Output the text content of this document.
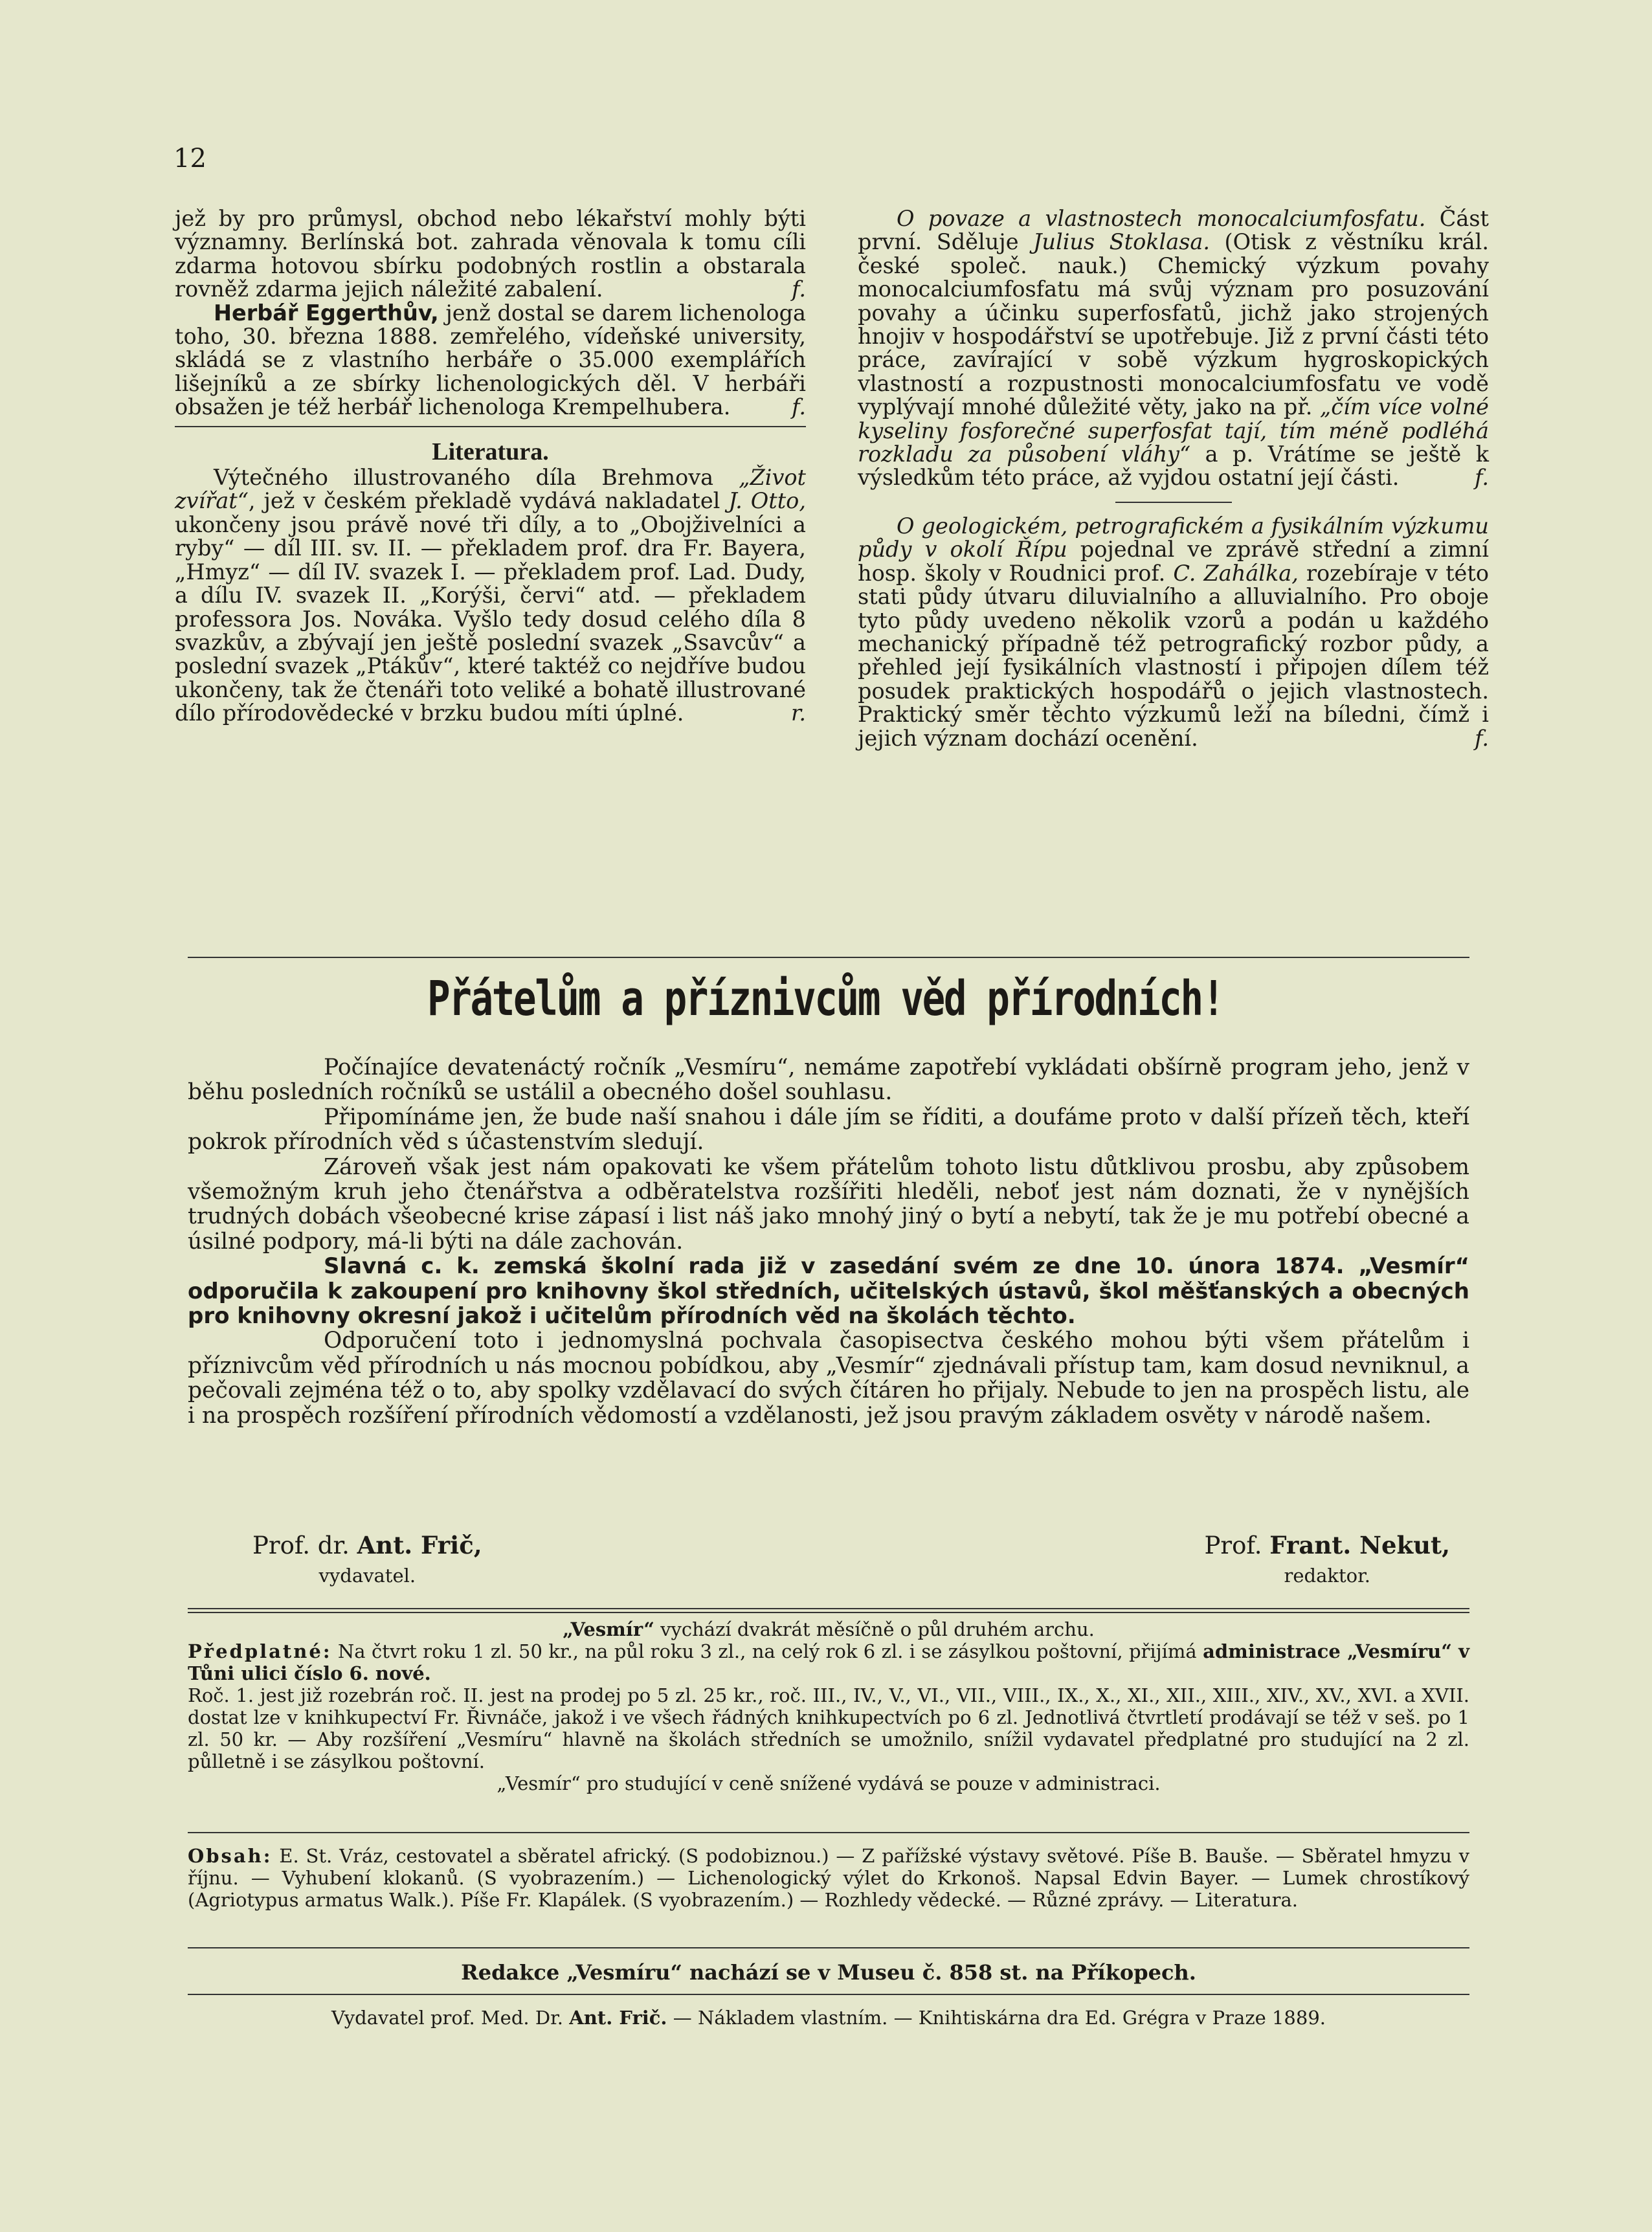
12

jež by pro průmysl, obchod nebo lékařství mohly býti významny. Berlínská bot. zahrada věnovala k tomu cíli zdarma hotovou sbírku podobných rostlin a obstarala rovněž zdarma jejich náležité zabalení.	f.

Herbář Eggerthův, jenž dostal se darem lichenologa toho, 30. března 1888. zemřelého, vídeňské university, skládá se z vlastního herbáře o 35.000 exemplářích lišejníků a ze sbírky lichenologických děl. V herbáři obsažen je též herbář lichenologa Krempelhubera.	f.

Literatura.

Výtečného illustrovaného díla Brehmova „Život zvířat“, jež v českém překladě vydává nakladatel J. Otto, ukončeny jsou právě nové tři díly, a to „Obojživelníci a ryby“ — díl III. sv. II. — překladem prof. dra Fr. Bayera, „Hmyz“ — díl IV. svazek I. — překladem prof. Lad. Dudy, a dílu IV. svazek II. „Korýši, červi“ atd. — překladem professora Jos. Nováka. Vyšlo tedy dosud celého díla 8 svazkův, a zbývají jen ještě poslední svazek „Ssavcův“ a poslední svazek „Ptákův“, které taktéž co nejdříve budou ukončeny, tak že čtenáři toto veliké a bohatě illustrované dílo přírodovědecké v brzku budou míti úplné.	r.

O povaze a vlastnostech monocalciumfosfatu. Část první. Sděluje Julius Stoklasa. (Otisk z věstníku král. české společ. nauk.) Chemický výzkum povahy monocalciumfosfatu má svůj význam pro posuzování povahy a účinku superfosfatů, jichž jako strojených hnojiv v hospodářství se upotřebuje. Již z první části této práce, zavírající v sobě výzkum hygroskopických vlastností a rozpustnosti monocalciumfosfatu ve vodě vyplývají mnohé důležité věty, jako na př. „čím více volné kyseliny fosforečné superfosfat tají, tím méně podléhá rozkladu za působení vláhy“ a p. Vrátíme se ještě k výsledkům této práce, až vyjdou ostatní její části.	f.

O geologickém, petrografickém a fysikálním výzkumu půdy v okolí Řípu pojednal ve zprávě střední a zimní hosp. školy v Roudnici prof. C. Zahálka, rozebíraje v této stati půdy útvaru diluvialního a alluvialního. Pro oboje tyto půdy uvedeno několik vzorů a podán u každého mechanický případně též petrografický rozbor půdy, a přehled její fysikálních vlastností i připojen dílem též posudek praktických hospodářů o jejich vlastnostech. Praktický směr těchto výzkumů leží na bíledni, čímž i jejich význam dochází ocenění.	f.

Přátelům a příznivcům věd přírodních!

Počínajíce devatenáctý ročník „Vesmíru“, nemáme zapotřebí vykládati obšírně program jeho, jenž v běhu posledních ročníků se ustálil a obecného došel souhlasu.

Připomínáme jen, že bude naší snahou i dále jím se říditi, a doufáme proto v další přízeň těch, kteří pokrok přírodních věd s účastenstvím sledují.

Zároveň však jest nám opakovati ke všem přátelům tohoto listu důtklivou prosbu, aby způsobem všemožným kruh jeho čtenářstva a odběratelstva rozšířiti hleděli, neboť jest nám doznati, že v nynějších trudných dobách všeobecné krise zápasí i list náš jako mnohý jiný o bytí a nebytí, tak že je mu potřebí obecné a úsilné podpory, má-li býti na dále zachován.

Slavná c. k. zemská školní rada již v zasedání svém ze dne 10. února 1874. „Vesmír“ odporučila k zakoupení pro knihovny škol středních, učitelských ústavů, škol měšťanských a obecných pro knihovny okresní jakož i učitelům přírodních věd na školách těchto.

Odporučení toto i jednomyslná pochvala časopisectva českého mohou býti všem přátelům i příznivcům věd přírodních u nás mocnou pobídkou, aby „Vesmír“ zjednávali přístup tam, kam dosud nevniknul, a pečovali zejména též o to, aby spolky vzdělavací do svých čítáren ho přijaly. Nebude to jen na prospěch listu, ale i na prospěch rozšíření přírodních vědomostí a vzdělanosti, jež jsou pravým základem osvěty v národě našem.

Prof. dr. Ant. Frič,
vydavatel.
Prof. Frant. Nekut,
redaktor.

„Vesmír“ vychází dvakrát měsíčně o půl druhém archu.

Předplatné: Na čtvrt roku 1 zl. 50 kr., na půl roku 3 zl., na celý rok 6 zl. i se zásylkou poštovní, přijímá administrace „Vesmíru“ v Tůni ulici číslo 6. nové.

Roč. 1. jest již rozebrán roč. II. jest na prodej po 5 zl. 25 kr., roč. III., IV., V., VI., VII., VIII., IX., X., XI., XII., XIII., XIV., XV., XVI. a XVII. dostat lze v knihkupectví Fr. Řivnáče, jakož i ve všech řádných knihkupectvích po 6 zl. Jednotlivá čtvrtletí prodávají se též v seš. po 1 zl. 50 kr. — Aby rozšíření „Vesmíru“ hlavně na školách středních se umožnilo, snížil vydavatel předplatné pro studující na 2 zl. půlletně i se zásylkou poštovní.

„Vesmír“ pro studující v ceně snížené vydává se pouze v administraci.

Obsah: E. St. Vráz, cestovatel a sběratel africký. (S podobiznou.) — Z pařížské výstavy světové. Píše B. Bauše. — Sběratel hmyzu v říjnu. — Vyhubení klokanů. (S vyobrazením.) — Lichenologický výlet do Krkonoš. Napsal Edvin Bayer. — Lumek chrostíkový (Agriotypus armatus Walk.). Píše Fr. Klapálek. (S vyobrazením.) — Rozhledy vědecké. — Různé zprávy. — Literatura.
Redakce „Vesmíru“ nachází se v Museu č. 858 st. na Příkopech.
Vydavatel prof. Med. Dr. Ant. Frič. — Nákladem vlastním. — Knihtiskárna dra Ed. Grégra v Praze 1889.
